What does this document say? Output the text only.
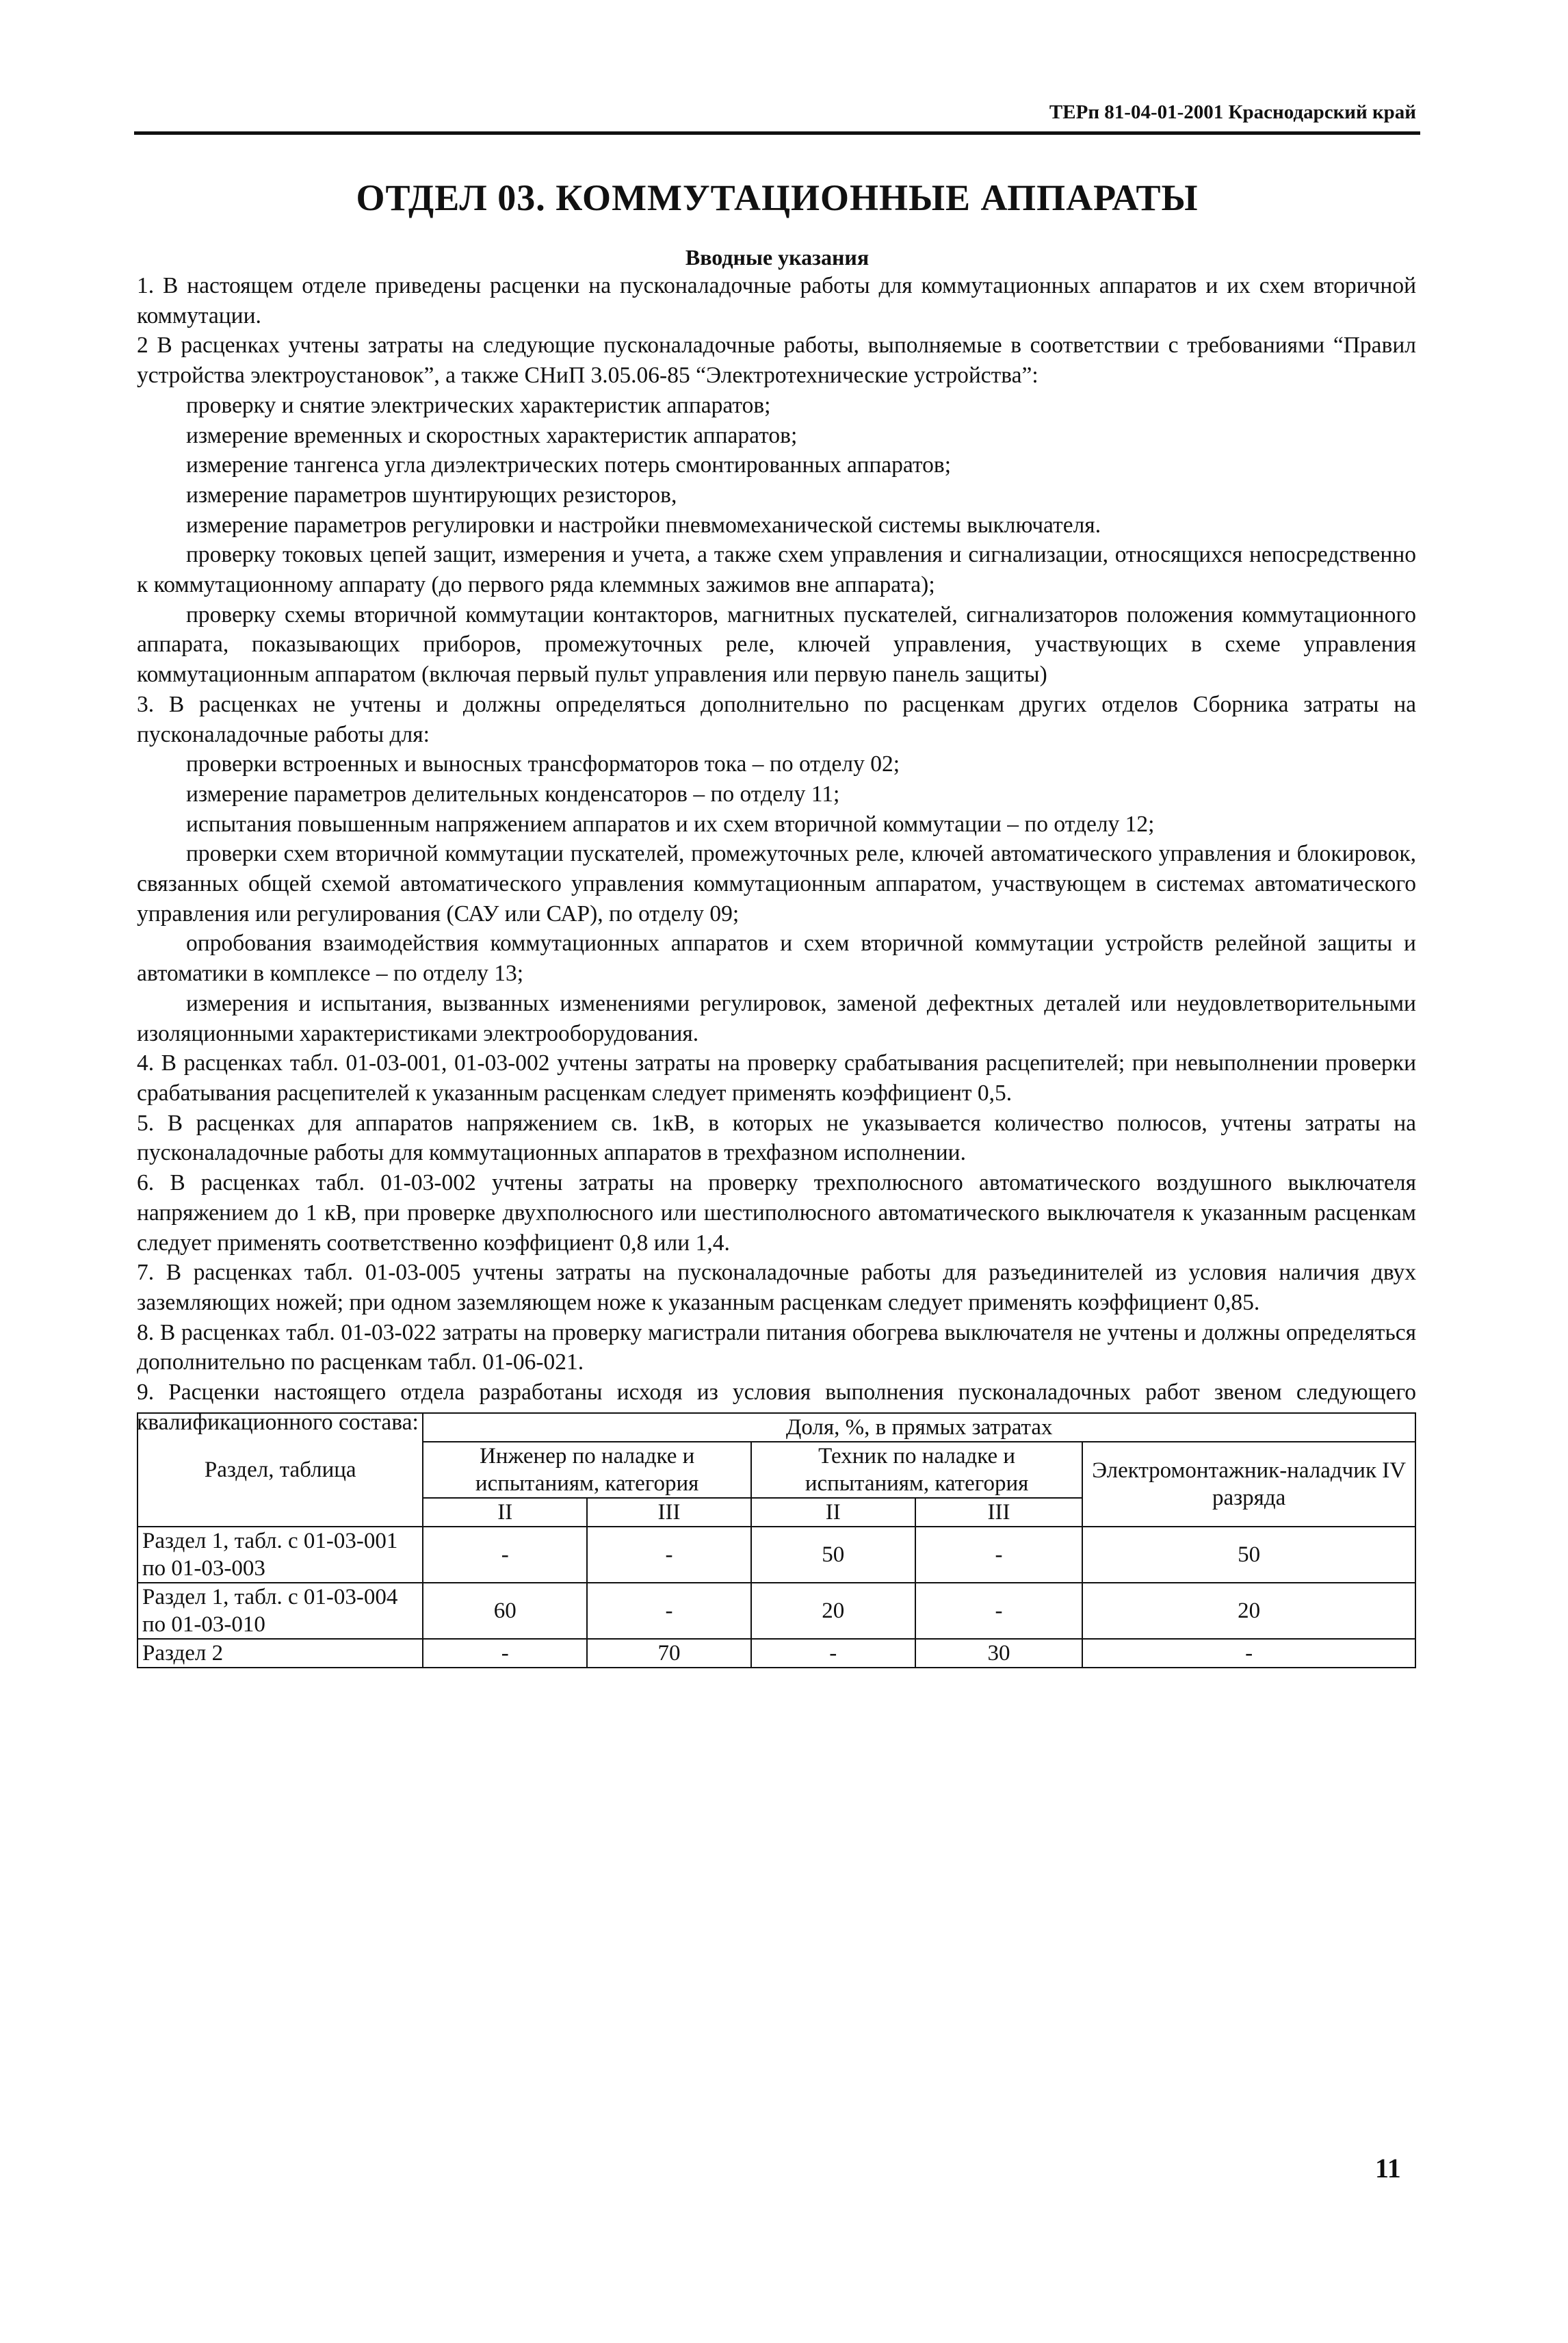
ТЕРп 81-04-01-2001 Краснодарский край
ОТДЕЛ 03. КОММУТАЦИОННЫЕ АППАРАТЫ
Вводные указания

1. В настоящем отделе приведены расценки на пусконаладочные работы для коммутационных аппаратов и их схем вторичной коммутации.

2 В расценках учтены затраты на следующие пусконаладочные работы, выполняемые в соответствии с требованиями “Правил устройства электроустановок”, а также СНиП 3.05.06-85 “Электротехнические устройства”:

проверку и снятие электрических характеристик аппаратов;

измерение временных и скоростных характеристик аппаратов;

измерение тангенса угла диэлектрических потерь смонтированных аппаратов;

измерение параметров шунтирующих резисторов,

измерение параметров регулировки и настройки пневмомеханической системы выключателя.

проверку токовых цепей защит, измерения и учета, а также схем управления и сигнализации, относящихся непосредственно к коммутационному аппарату (до первого ряда клеммных зажимов вне аппарата);

проверку схемы вторичной коммутации контакторов, магнитных пускателей, сигнализаторов положения коммутационного аппарата, показывающих приборов, промежуточных реле, ключей управления, участвующих в схеме управления коммутационным аппаратом (включая первый пульт управления или первую панель защиты)

3. В расценках не учтены и должны определяться дополнительно по расценкам других отделов Сборника затраты на пусконаладочные работы для:

проверки встроенных и выносных трансформаторов тока – по отделу 02;

измерение параметров делительных конденсаторов – по отделу 11;

испытания повышенным напряжением аппаратов и их схем вторичной коммутации – по отделу 12;

проверки схем вторичной коммутации пускателей, промежуточных реле, ключей автоматического управления и блокировок, связанных общей схемой автоматического управления коммутационным аппаратом, участвующем в системах автоматического управления или регулирования (САУ или САР), по отделу 09;

опробования взаимодействия коммутационных аппаратов и схем вторичной коммутации устройств релейной защиты и автоматики в комплексе – по отделу 13;

измерения и испытания, вызванных изменениями регулировок, заменой дефектных деталей или неудовлетворительными изоляционными характеристиками электрооборудования.

4. В расценках табл. 01-03-001, 01-03-002 учтены затраты на проверку срабатывания расцепителей; при невыполнении проверки срабатывания расцепителей к указанным расценкам следует применять коэффициент 0,5.

5. В расценках для аппаратов напряжением св. 1кВ, в которых не указывается количество полюсов, учтены затраты на пусконаладочные работы для коммутационных аппаратов в трехфазном исполнении.

6. В расценках табл. 01-03-002 учтены затраты на проверку трехполюсного автоматического воздушного выключателя напряжением до 1 кВ, при проверке двухполюсного или шестиполюсного автоматического выключателя к указанным расценкам следует применять соответственно коэффициент 0,8 или 1,4.

7. В расценках табл. 01-03-005 учтены затраты на пусконаладочные работы для разъединителей из условия наличия двух заземляющих ножей; при одном заземляющем ноже к указанным расценкам следует применять коэффициент 0,85.

8. В расценках табл. 01-03-022 затраты на проверку магистрали питания обогрева выключателя не учтены и должны определяться дополнительно по расценкам табл. 01-06-021.

9. Расценки настоящего отдела разработаны исходя из условия выполнения пусконаладочных работ звеном следующего квалификационного состава:

Раздел, таблица	Доля, %, в прямых затратах				
	Инженер по наладке и испытаниям, категория		Техник по наладке и испытаниям, категория		Электромонтажник-наладчик IV разряда
	II	III	II	III	
Раздел 1, табл. с 01-03-001 по 01-03-003	-	-	50	-	50
Раздел 1, табл. с 01-03-004 по 01-03-010	60	-	20	-	20
Раздел 2	-	70	-	30	-
11
